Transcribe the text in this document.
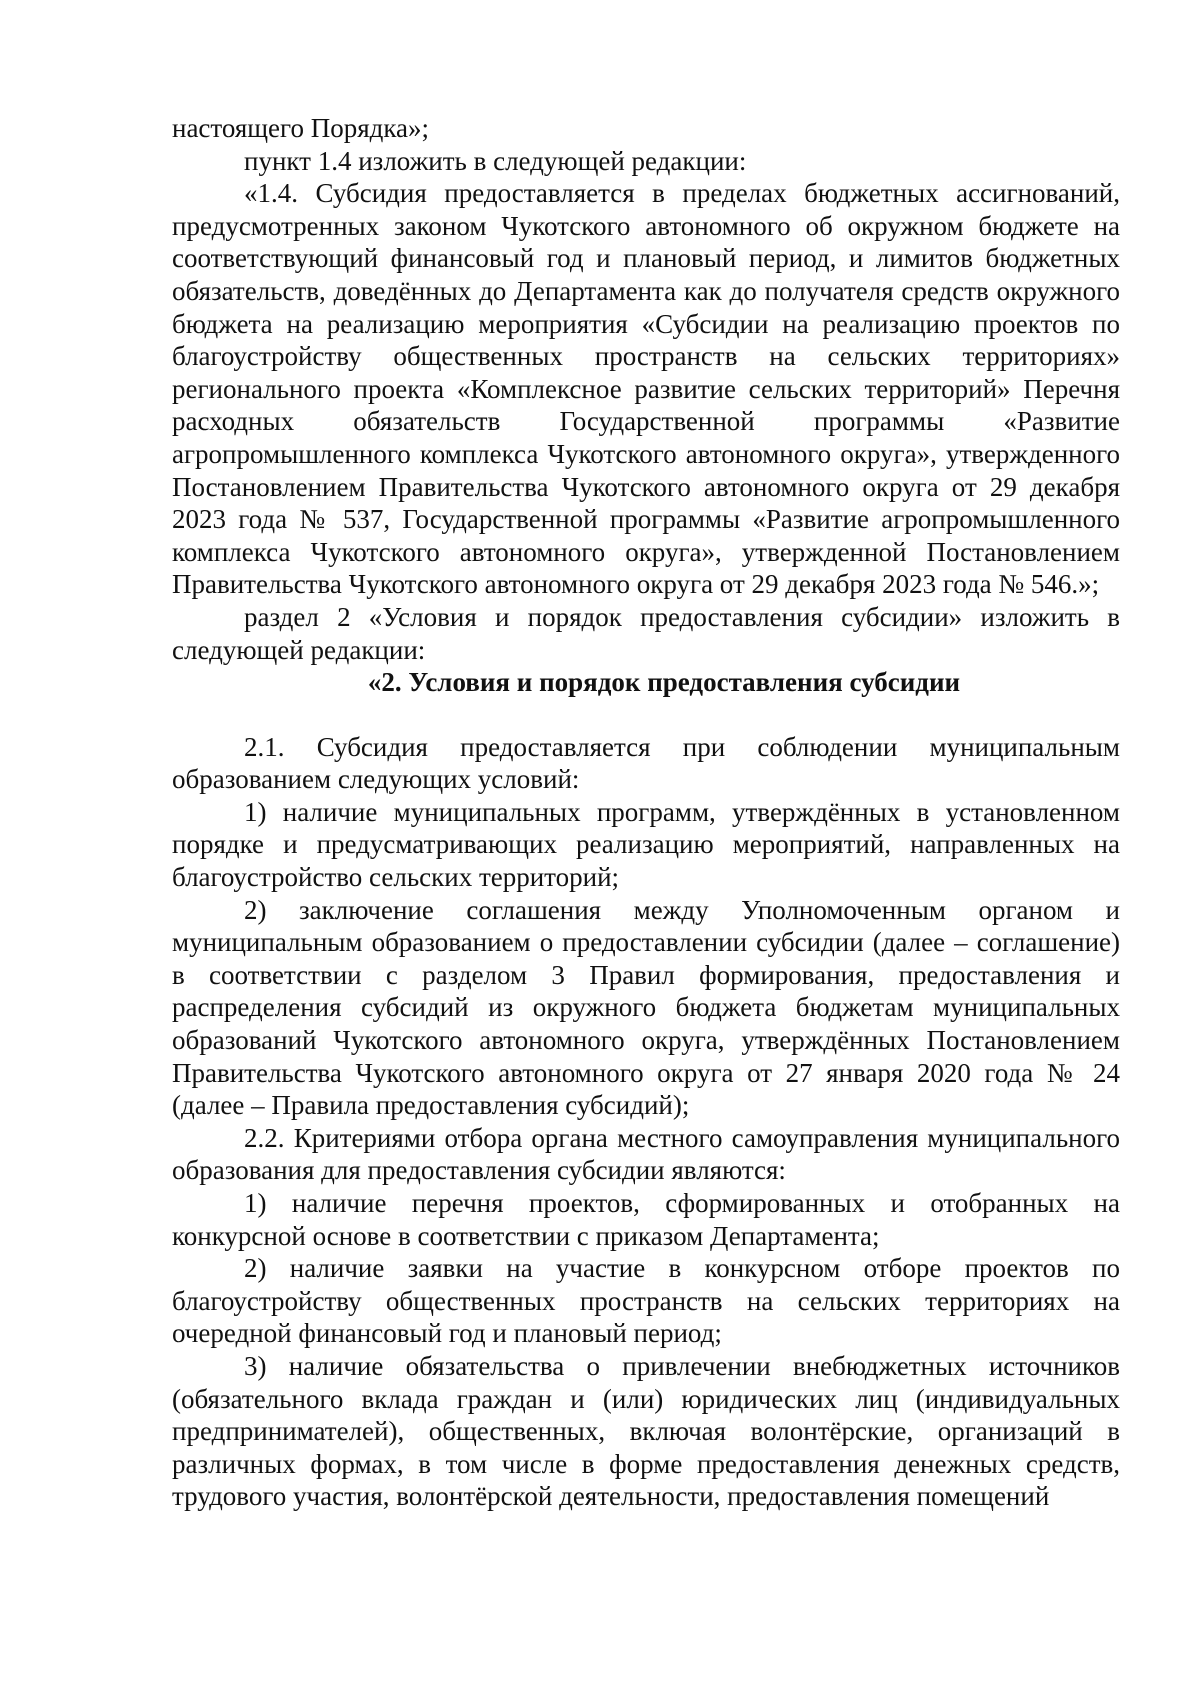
настоящего Порядка»;

пункт 1.4 изложить в следующей редакции:

«1.4. Субсидия предоставляется в пределах бюджетных ассигнований, предусмотренных законом Чукотского автономного об окружном бюджете на соответствующий финансовый год и плановый период, и лимитов бюджетных обязательств, доведённых до Департамента как до получателя средств окружного бюджета на реализацию мероприятия «Субсидии на реализацию проектов по благоустройству общественных пространств на сельских территориях» регионального проекта «Комплексное развитие сельских территорий» Перечня расходных обязательств Государственной программы «Развитие агропромышленного комплекса Чукотского автономного округа», утвержденного Постановлением Правительства Чукотского автономного округа от 29 декабря 2023 года № 537, Государственной программы «Развитие агропромышленного комплекса Чукотского автономного округа», утвержденной Постановлением Правительства Чукотского автономного округа от 29 декабря 2023 года № 546.»;

раздел 2 «Условия и порядок предоставления субсидии» изложить в следующей редакции:

«2. Условия и порядок предоставления субсидии

2.1. Субсидия предоставляется при соблюдении муниципальным образованием следующих условий:

1) наличие муниципальных программ, утверждённых в установленном порядке и предусматривающих реализацию мероприятий, направленных на благоустройство сельских территорий;

2) заключение соглашения между Уполномоченным органом и муниципальным образованием о предоставлении субсидии (далее – соглашение) в соответствии с разделом 3 Правил формирования, предоставления и распределения субсидий из окружного бюджета бюджетам муниципальных образований Чукотского автономного округа, утверждённых Постановлением Правительства Чукотского автономного округа от 27 января 2020 года № 24 (далее – Правила предоставления субсидий);

2.2. Критериями отбора органа местного самоуправления муниципального образования для предоставления субсидии являются:

1) наличие перечня проектов, сформированных и отобранных на конкурсной основе в соответствии с приказом Департамента;

2) наличие заявки на участие в конкурсном отборе проектов по благоустройству общественных пространств на сельских территориях на очередной финансовый год и плановый период;

3) наличие обязательства о привлечении внебюджетных источников (обязательного вклада граждан и (или) юридических лиц (индивидуальных предпринимателей), общественных, включая волонтёрские, организаций в различных формах, в том числе в форме предоставления денежных средств, трудового участия, волонтёрской деятельности, предоставления помещений
